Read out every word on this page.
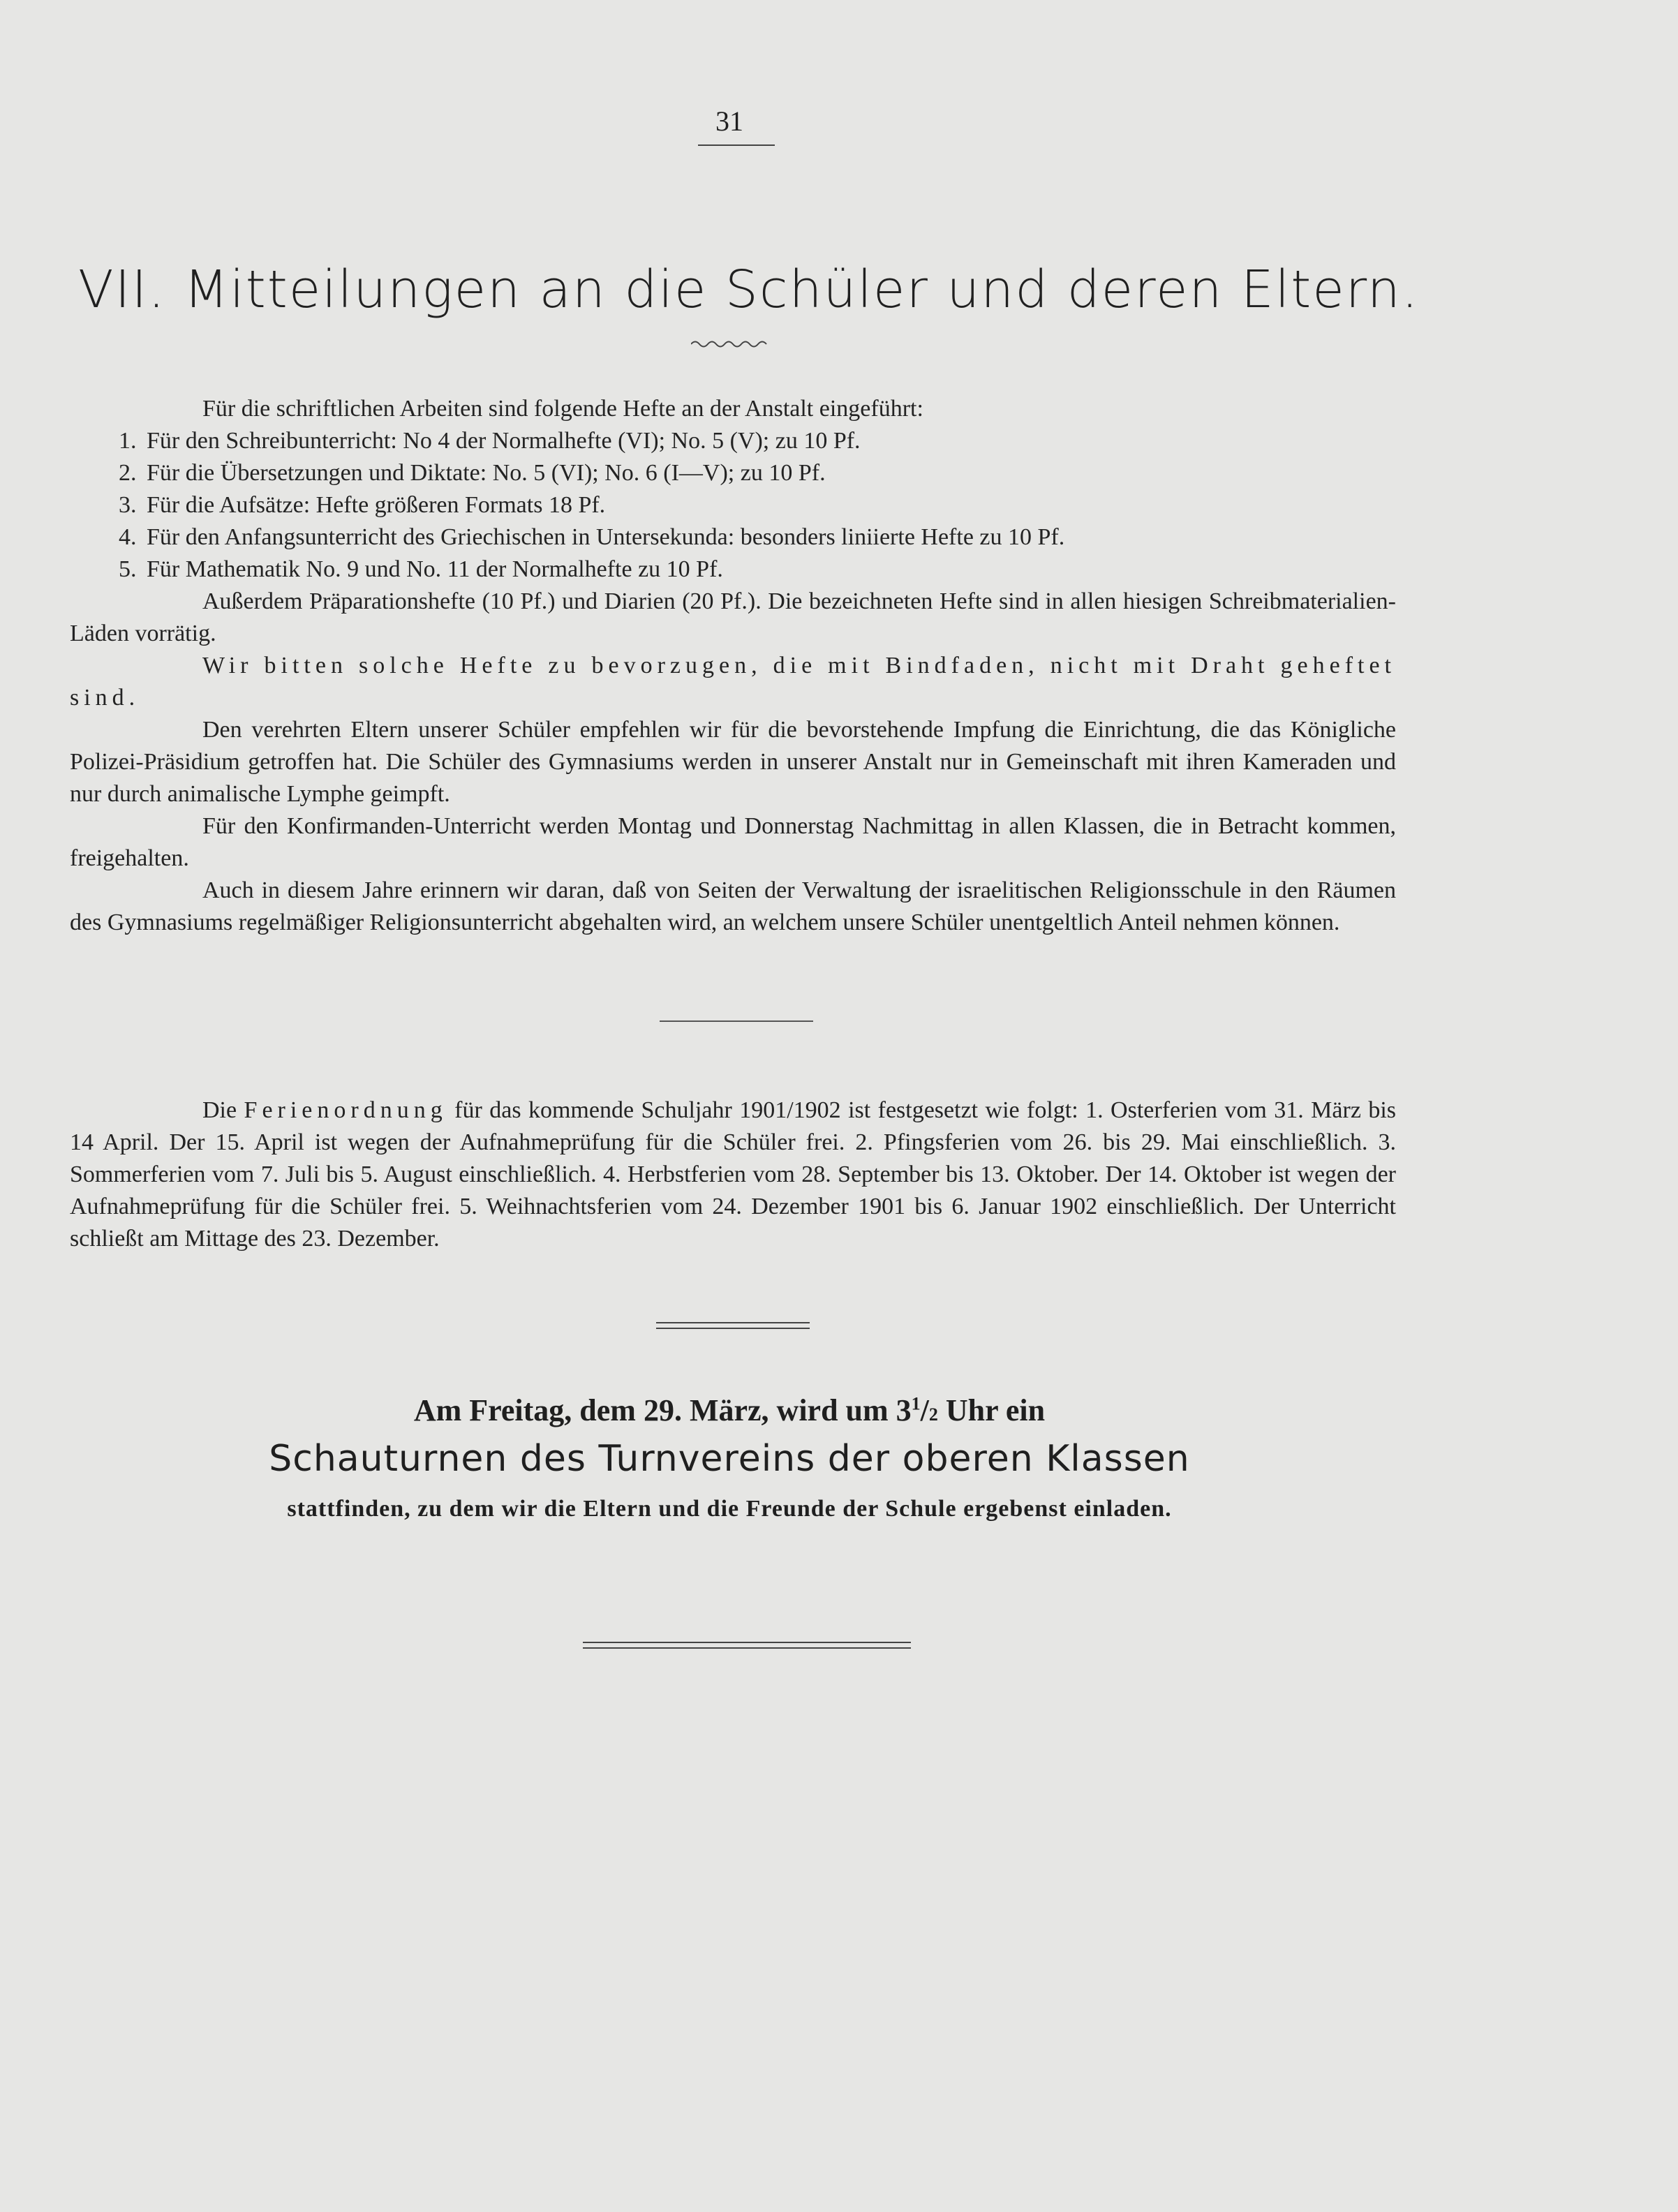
31
VII. Mitteilungen an die Schüler und deren Eltern.

Für die schriftlichen Arbeiten sind folgende Hefte an der Anstalt eingeführt:

1. Für den Schreibunterricht: No 4 der Normalhefte (VI); No. 5 (V); zu 10 Pf.

2. Für die Übersetzungen und Diktate: No. 5 (VI); No. 6 (I—V); zu 10 Pf.

3. Für die Aufsätze: Hefte größeren Formats 18 Pf.

4. Für den Anfangsunterricht des Griechischen in Untersekunda: besonders liniierte Hefte zu 10 Pf.

5. Für Mathematik No. 9 und No. 11 der Normalhefte zu 10 Pf.

Außerdem Präparationshefte (10 Pf.) und Diarien (20 Pf.). Die bezeichneten Hefte sind in allen hiesigen Schreibmaterialien-Läden vorrätig.

Wir bitten solche Hefte zu bevorzugen, die mit Bindfaden, nicht mit Draht geheftet sind.

Den verehrten Eltern unserer Schüler empfehlen wir für die bevorstehende Impfung die Einrichtung, die das Königliche Polizei-Präsidium getroffen hat. Die Schüler des Gymnasiums werden in unserer Anstalt nur in Gemeinschaft mit ihren Kameraden und nur durch animalische Lymphe geimpft.

Für den Konfirmanden-Unterricht werden Montag und Donnerstag Nachmittag in allen Klassen, die in Betracht kommen, freigehalten.

Auch in diesem Jahre erinnern wir daran, daß von Seiten der Verwaltung der israelitischen Religionsschule in den Räumen des Gymnasiums regelmäßiger Religionsunterricht abgehalten wird, an welchem unsere Schüler unentgeltlich Anteil nehmen können.

Die Ferienordnung für das kommende Schuljahr 1901/1902 ist festgesetzt wie folgt: 1. Osterferien vom 31. März bis 14 April. Der 15. April ist wegen der Aufnahmeprüfung für die Schüler frei. 2. Pfingsferien vom 26. bis 29. Mai einschließlich. 3. Sommerferien vom 7. Juli bis 5. August einschließlich. 4. Herbstferien vom 28. September bis 13. Oktober. Der 14. Oktober ist wegen der Aufnahmeprüfung für die Schüler frei. 5. Weihnachtsferien vom 24. Dezember 1901 bis 6. Januar 1902 einschließlich. Der Unterricht schließt am Mittage des 23. Dezember.

Am Freitag, dem 29. März, wird um $3^1/2$ Uhr ein
Schauturnen des Turnvereins der oberen Klassen
stattfinden, zu dem wir die Eltern und die Freunde der Schule ergebenst einladen.
